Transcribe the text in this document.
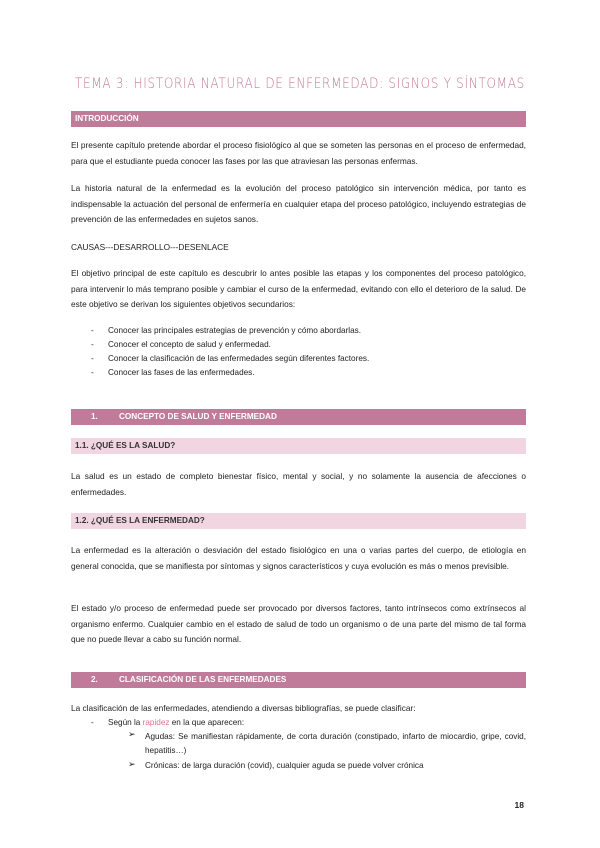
TEMA 3: HISTORIA NATURAL DE ENFERMEDAD: SIGNOS Y SÍNTOMAS
INTRODUCCIÓN
El presente capítulo pretende abordar el proceso fisiológico al que se someten las personas en el proceso de enfermedad, para que el estudiante pueda conocer las fases por las que atraviesan las personas enfermas.
La historia natural de la enfermedad es la evolución del proceso patológico sin intervención médica, por tanto es indispensable la actuación del personal de enfermería en cualquier etapa del proceso patológico, incluyendo estrategias de prevención de las enfermedades en sujetos sanos.
CAUSAS---DESARROLLO---DESENLACE
El objetivo principal de este capítulo es descubrir lo antes posible las etapas y los componentes del proceso patológico, para intervenir lo más temprano posible y cambiar el curso de la enfermedad, evitando con ello el deterioro de la salud. De este objetivo se derivan los siguientes objetivos secundarios:
- Conocer las principales estrategias de prevención y cómo abordarlas.
- Conocer el concepto de salud y enfermedad.
- Conocer la clasificación de las enfermedades según diferentes factores.
- Conocer las fases de las enfermedades.
1.	CONCEPTO DE SALUD Y ENFERMEDAD
1.1. ¿QUÉ ES LA SALUD?
La salud es un estado de completo bienestar físico, mental y social, y no solamente la ausencia de afecciones o enfermedades.
1.2. ¿QUÉ ES LA ENFERMEDAD?
La enfermedad es la alteración o desviación del estado fisiológico en una o varias partes del cuerpo, de etiología en general conocida, que se manifiesta por síntomas y signos característicos y cuya evolución es más o menos previsible.
El estado y/o proceso de enfermedad puede ser provocado por diversos factores, tanto intrínsecos como extrínsecos al organismo enfermo. Cualquier cambio en el estado de salud de todo un organismo o de una parte del mismo de tal forma que no puede llevar a cabo su función normal.
2.	CLASIFICACIÓN DE LAS ENFERMEDADES
La clasificación de las enfermedades, atendiendo a diversas bibliografías, se puede clasificar:
- Según la rapidez en la que aparecen:
➢ Agudas: Se manifiestan rápidamente, de corta duración (constipado, infarto de miocardio, gripe, covid, hepatitis…)
➢ Crónicas: de larga duración (covid), cualquier aguda se puede volver crónica
18
